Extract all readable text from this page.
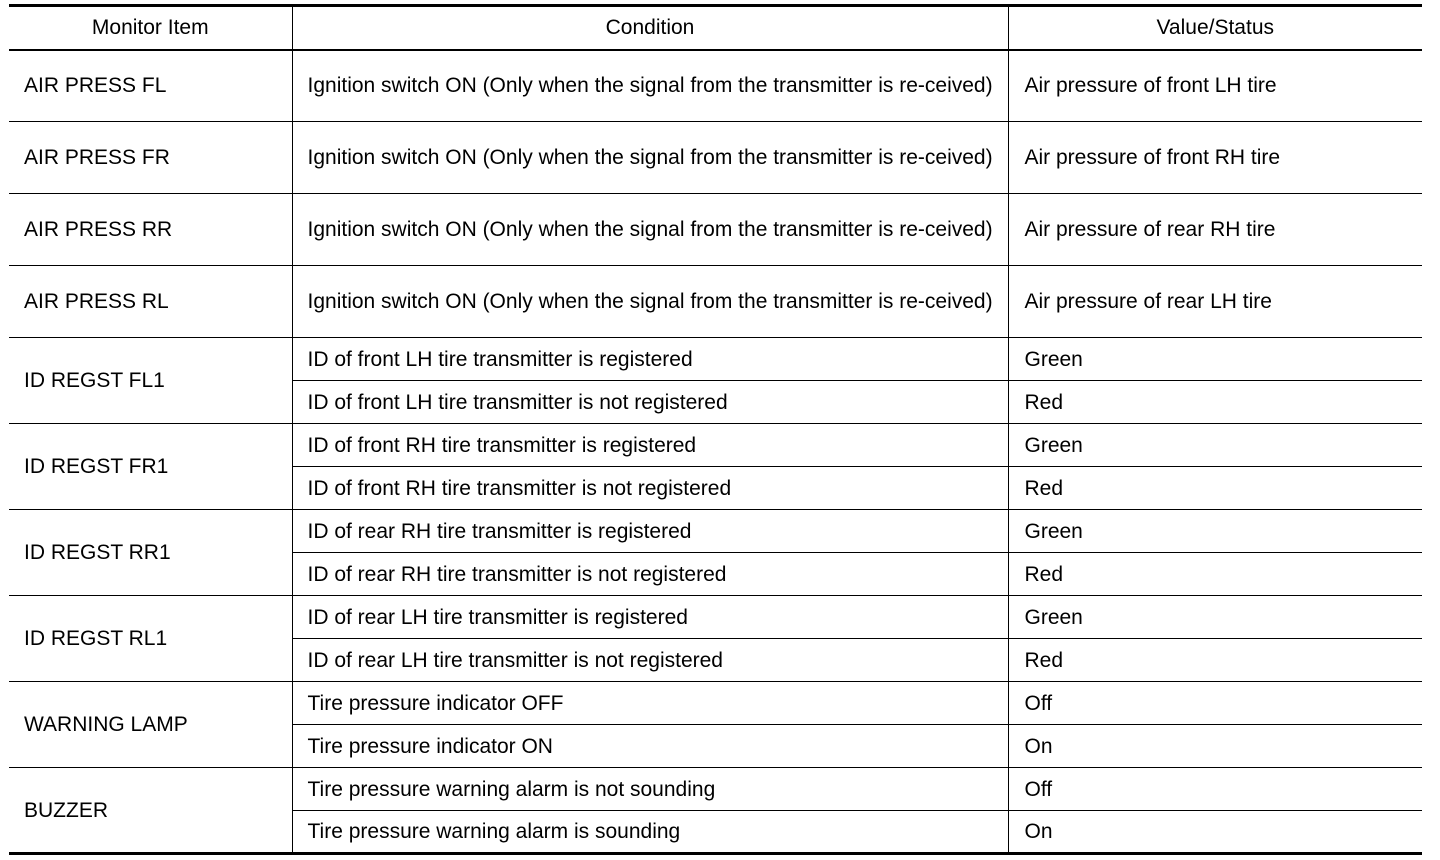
Monitor Item	Condition	Value/Status
AIR PRESS FL	Ignition switch ON (Only when the signal from the transmitter is re-ceived)	Air pressure of front LH tire
AIR PRESS FR	Ignition switch ON (Only when the signal from the transmitter is re-ceived)	Air pressure of front RH tire
AIR PRESS RR	Ignition switch ON (Only when the signal from the transmitter is re-ceived)	Air pressure of rear RH tire
AIR PRESS RL	Ignition switch ON (Only when the signal from the transmitter is re-ceived)	Air pressure of rear LH tire
ID REGST FL1	ID of front LH tire transmitter is registered	Green
	ID of front LH tire transmitter is not registered	Red
ID REGST FR1	ID of front RH tire transmitter is registered	Green
	ID of front RH tire transmitter is not registered	Red
ID REGST RR1	ID of rear RH tire transmitter is registered	Green
	ID of rear RH tire transmitter is not registered	Red
ID REGST RL1	ID of rear LH tire transmitter is registered	Green
	ID of rear LH tire transmitter is not registered	Red
WARNING LAMP	Tire pressure indicator OFF	Off
	Tire pressure indicator ON	On
BUZZER	Tire pressure warning alarm is not sounding	Off
	Tire pressure warning alarm is sounding	On
